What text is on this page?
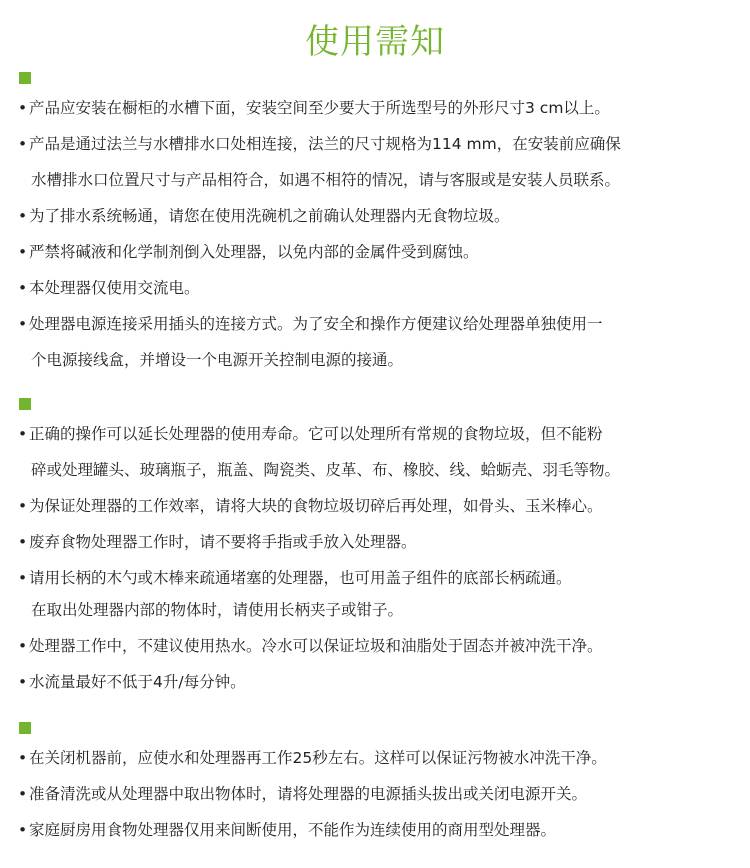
使用需知
• 产品应安装在橱柜的水槽下面，安装空间至少要大于所选型号的外形尺寸3 cm以上。
• 产品是通过法兰与水槽排水口处相连接，法兰的尺寸规格为114 mm，在安装前应确保
水槽排水口位置尺寸与产品相符合，如遇不相符的情况，请与客服或是安装人员联系。
• 为了排水系统畅通，请您在使用洗碗机之前确认处理器内无食物垃圾。
• 严禁将碱液和化学制剂倒入处理器，以免内部的金属件受到腐蚀。
• 本处理器仅使用交流电。
• 处理器电源连接采用插头的连接方式。为了安全和操作方便建议给处理器单独使用一
个电源接线盒，并增设一个电源开关控制电源的接通。
• 正确的操作可以延长处理器的使用寿命。它可以处理所有常规的食物垃圾，但不能粉
碎或处理罐头、玻璃瓶子，瓶盖、陶瓷类、皮革、布、橡胶、线、蛤蛎壳、羽毛等物。
• 为保证处理器的工作效率，请将大块的食物垃圾切碎后再处理，如骨头、玉米棒心。
• 废弃食物处理器工作时，请不要将手指或手放入处理器。
• 请用长柄的木勺或木棒来疏通堵塞的处理器，也可用盖子组件的底部长柄疏通。
在取出处理器内部的物体时，请使用长柄夹子或钳子。
• 处理器工作中，不建议使用热水。冷水可以保证垃圾和油脂处于固态并被冲洗干净。
• 水流量最好不低于4升/每分钟。
• 在关闭机器前，应使水和处理器再工作25秒左右。这样可以保证污物被水冲洗干净。
• 准备清洗或从处理器中取出物体时，请将处理器的电源插头拔出或关闭电源开关。
• 家庭厨房用食物处理器仅用来间断使用，不能作为连续使用的商用型处理器。
